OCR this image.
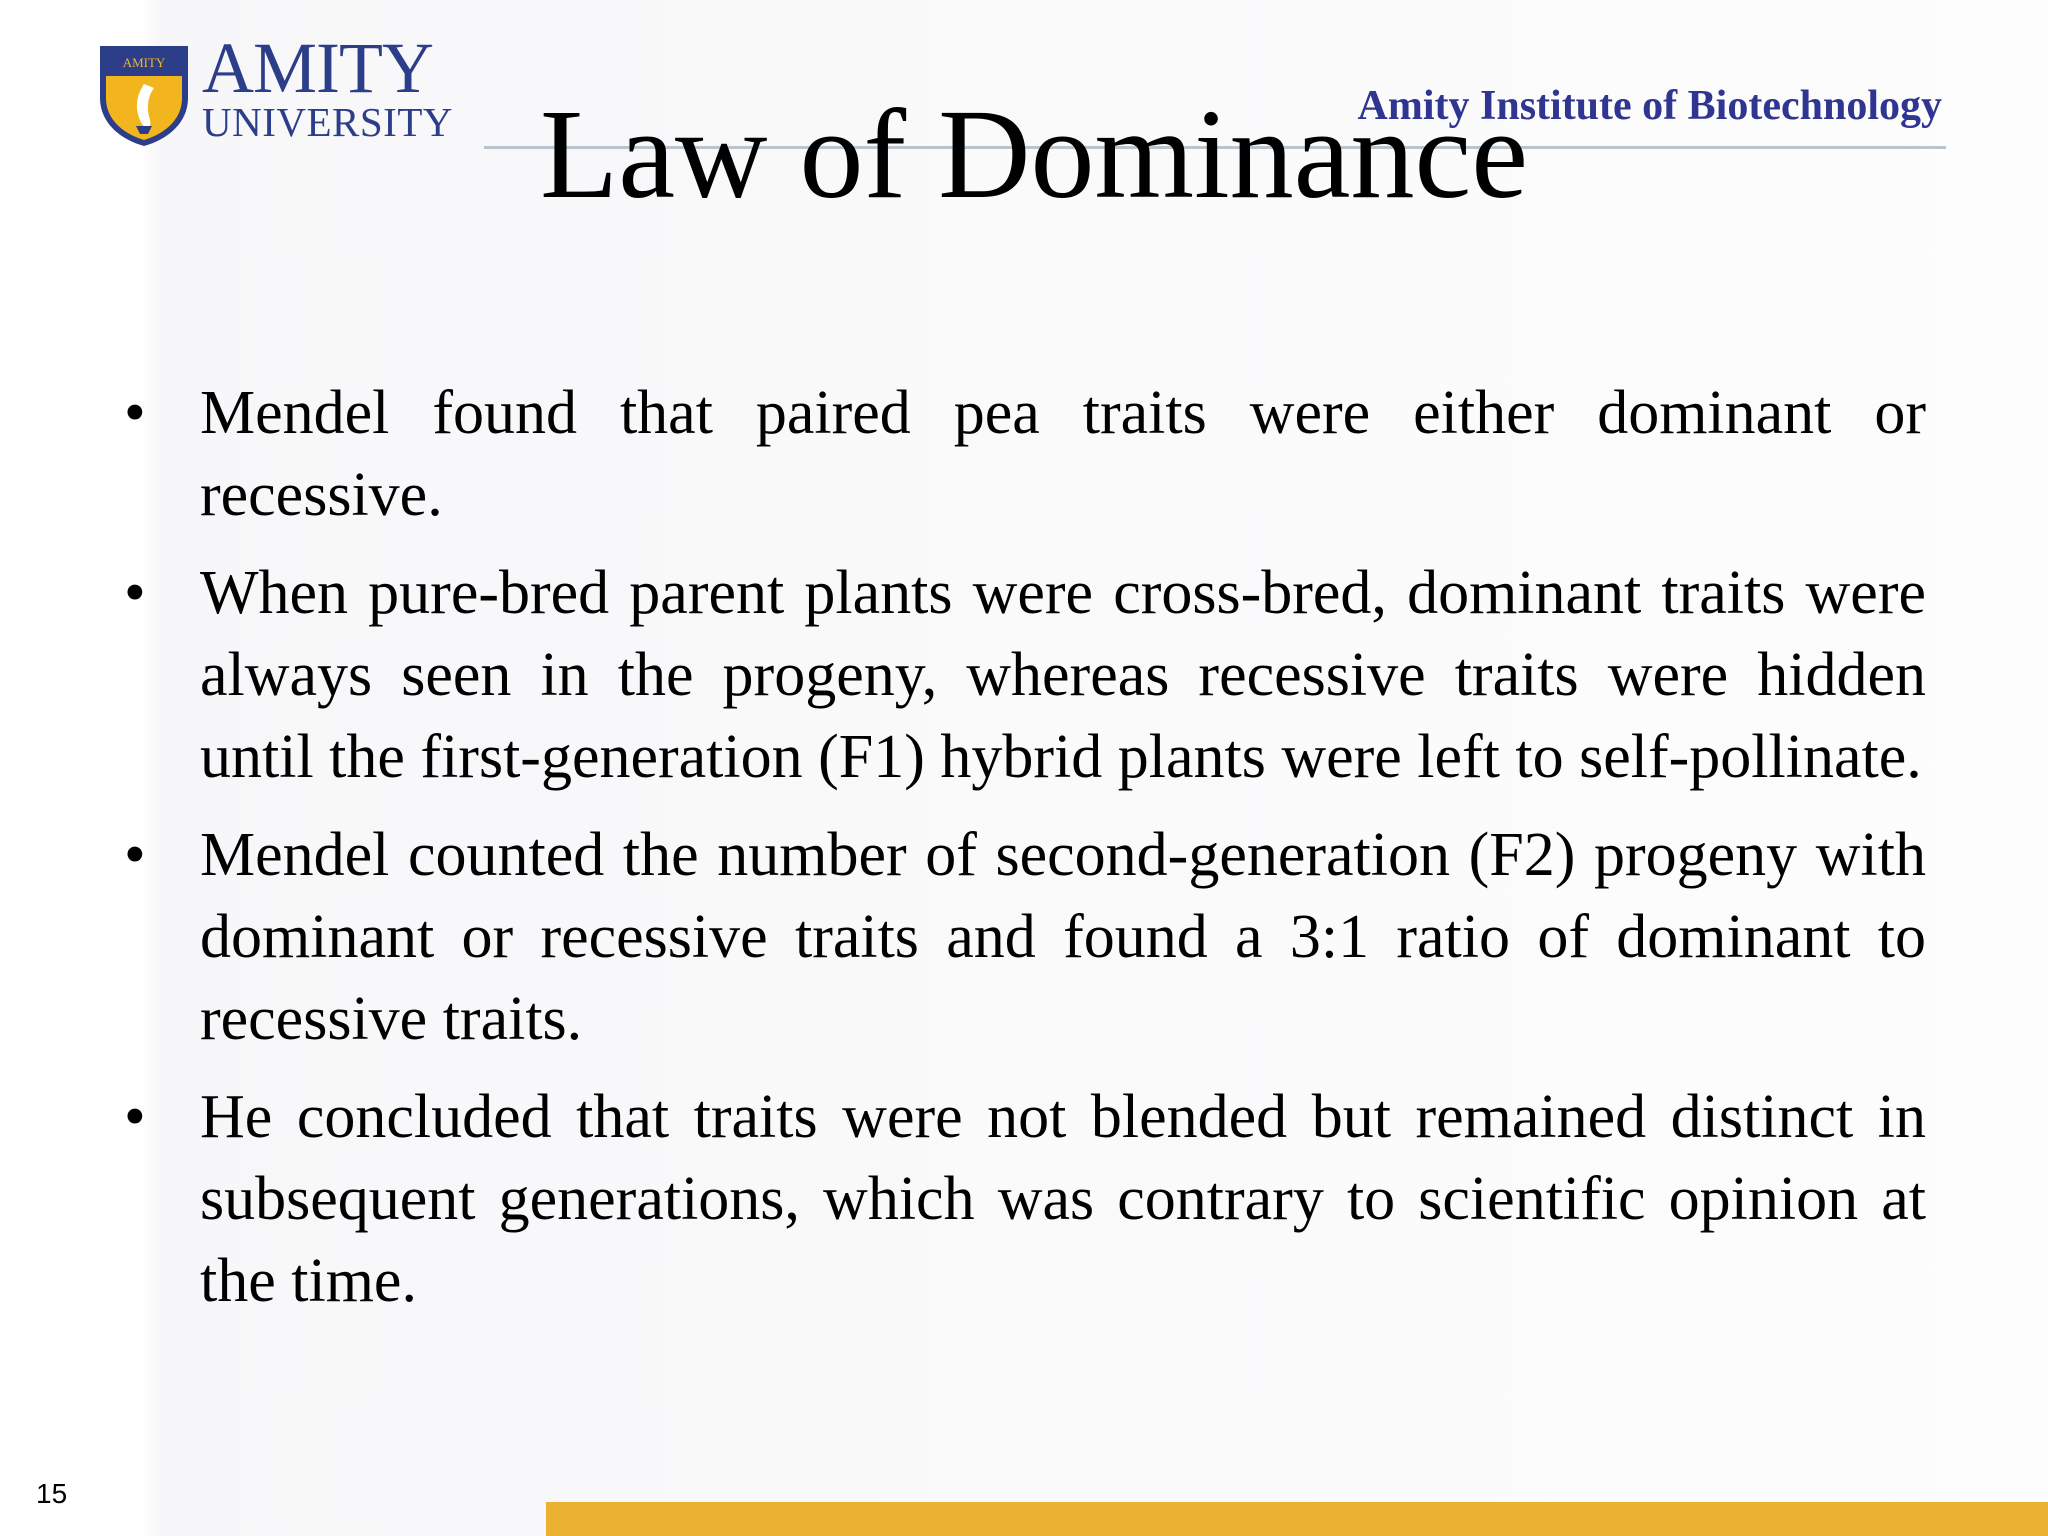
AMITY AMITY
UNIVERSITY Law of Dominance
Amity Institute of Biotechnology
• Mendel found that paired pea traits were either dominant or recessive.
• When pure-bred parent plants were cross-bred, dominant traits were always seen in the progeny, whereas recessive traits were hidden until the first-generation (F1) hybrid plants were left to self-pollinate.
• Mendel counted the number of second-generation (F2) progeny with dominant or recessive traits and found a 3:1 ratio of dominant to recessive traits.
• He concluded that traits were not blended but remained distinct in subsequent generations, which was contrary to scientific opinion at the time.
15
